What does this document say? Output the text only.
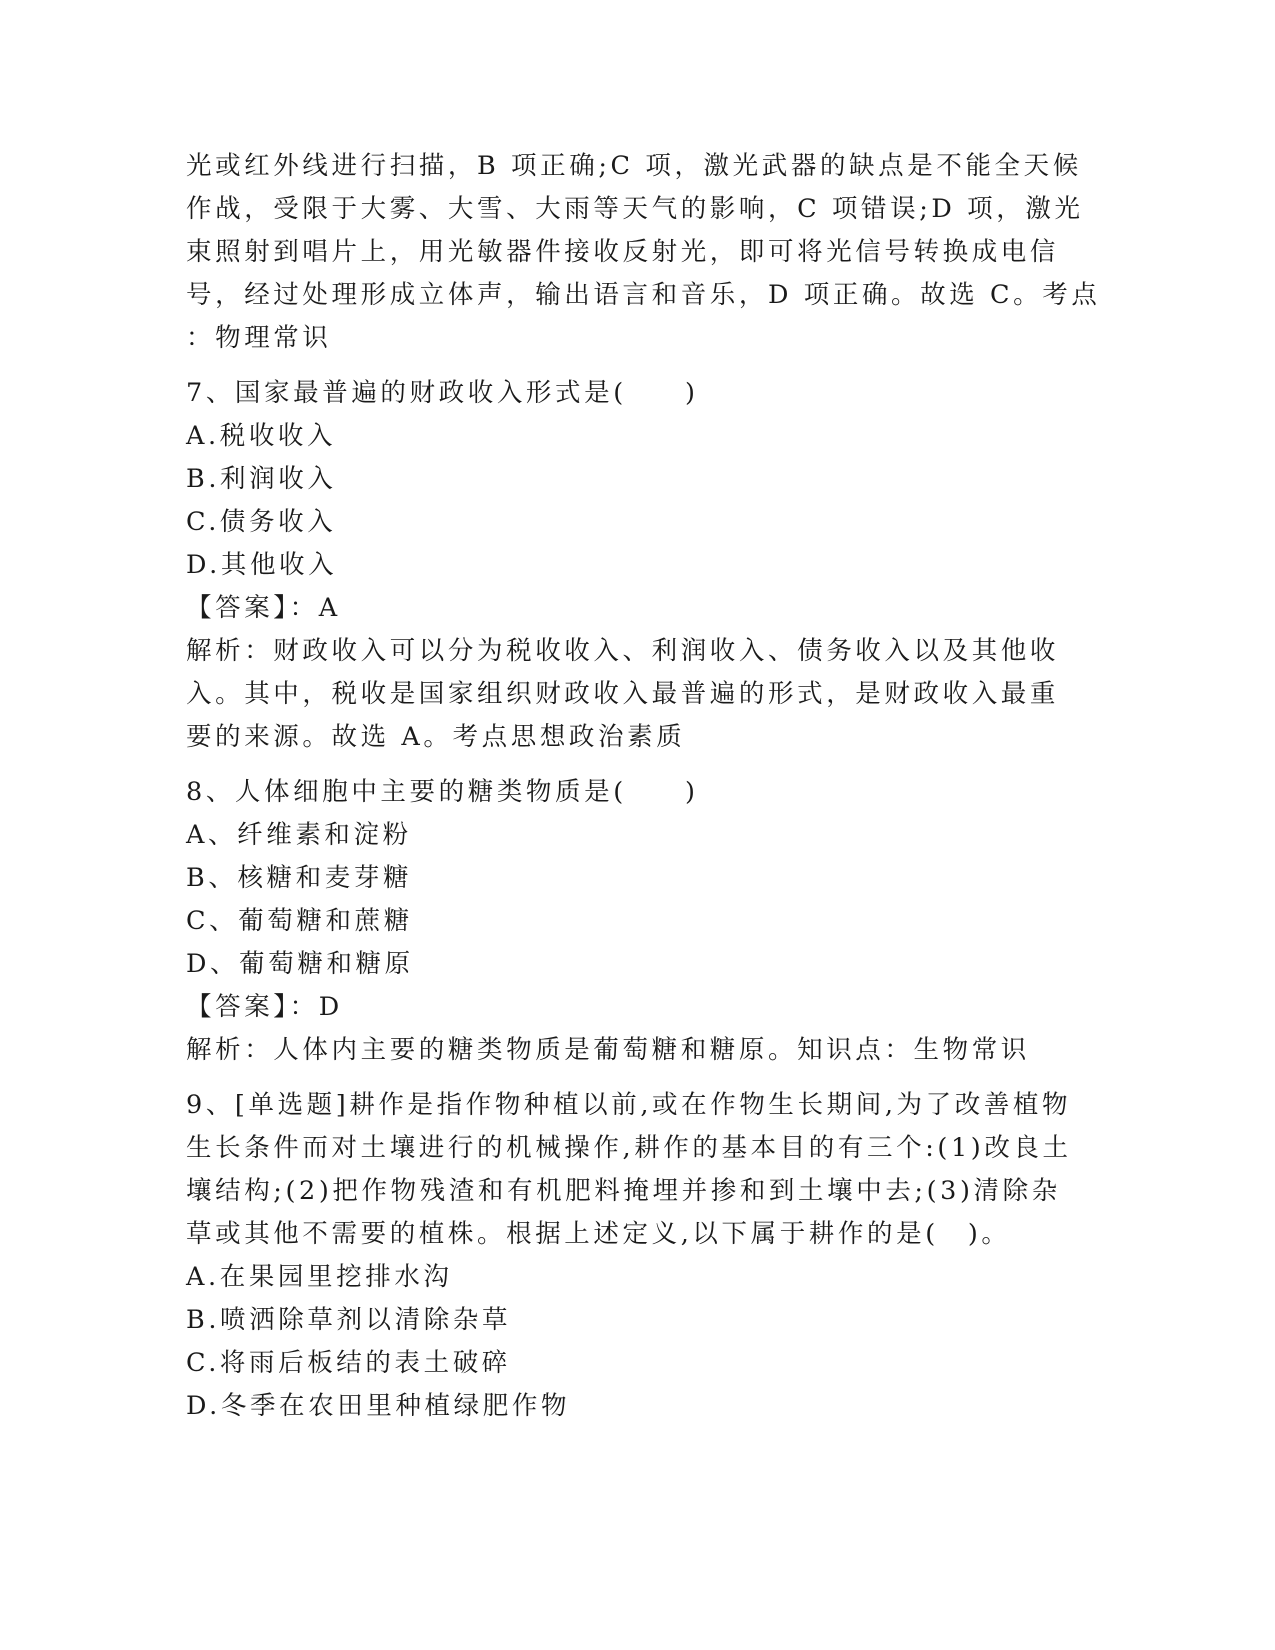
光或红外线进行扫描，B 项正确;C 项，激光武器的缺点是不能全天候
作战，受限于大雾、大雪、大雨等天气的影响，C 项错误;D 项，激光
束照射到唱片上，用光敏器件接收反射光，即可将光信号转换成电信
号，经过处理形成立体声，输出语言和音乐，D 项正确。故选 C。考点
：物理常识
7、国家最普遍的财政收入形式是(　　)
A.税收收入
B.利润收入
C.债务收入
D.其他收入
【答案】：A
解析：财政收入可以分为税收收入、利润收入、债务收入以及其他收
入。其中，税收是国家组织财政收入最普遍的形式，是财政收入最重
要的来源。故选 A。考点思想政治素质
8、人体细胞中主要的糖类物质是(　　)
A、纤维素和淀粉
B、核糖和麦芽糖
C、葡萄糖和蔗糖
D、葡萄糖和糖原
【答案】：D
解析：人体内主要的糖类物质是葡萄糖和糖原。知识点：生物常识
9、[单选题]耕作是指作物种植以前,或在作物生长期间,为了改善植物
生长条件而对土壤进行的机械操作,耕作的基本目的有三个:(1)改良土
壤结构;(2)把作物残渣和有机肥料掩埋并掺和到土壤中去;(3)清除杂
草或其他不需要的植株。根据上述定义,以下属于耕作的是(　)。
A.在果园里挖排水沟
B.喷洒除草剂以清除杂草
C.将雨后板结的表土破碎
D.冬季在农田里种植绿肥作物
